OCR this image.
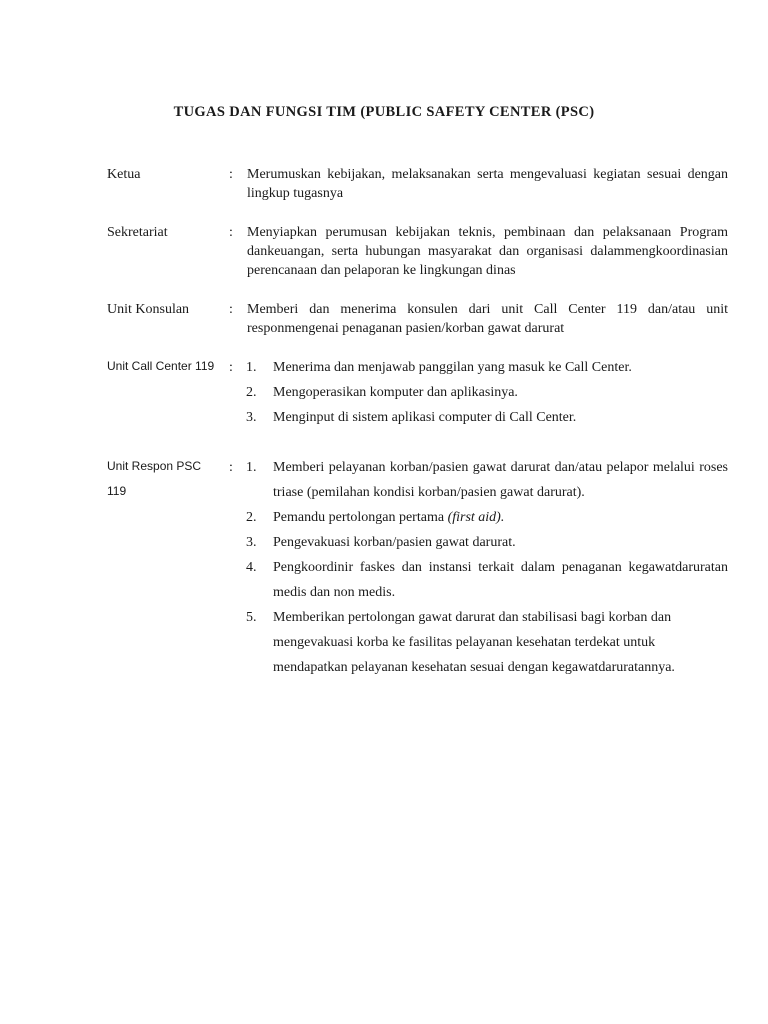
TUGAS DAN FUNGSI TIM (PUBLIC SAFETY CENTER (PSC)
Ketua	: Merumuskan kebijakan, melaksanakan serta mengevaluasi kegiatan sesuai dengan lingkup tugasnya
Sekretariat	: Menyiapkan perumusan kebijakan teknis, pembinaan dan pelaksanaan Program dankeuangan, serta hubungan masyarakat dan organisasi dalammengkoordinasian perencanaan dan pelaporan ke lingkungan dinas
Unit Konsulan	: Memberi dan menerima konsulen dari unit Call Center 119 dan/atau unit responmengenai penaganan pasien/korban gawat darurat
Unit Call Center 119 : 1. Menerima dan menjawab panggilan yang masuk ke Call Center.
2. Mengoperasikan komputer dan aplikasinya.
3. Menginput di sistem aplikasi computer di Call Center.
Unit Respon PSC 119
: 1. Memberi pelayanan korban/pasien gawat darurat dan/atau pelapor melalui roses triase (pemilahan kondisi korban/pasien gawat darurat).
2. Pemandu pertolongan pertama (first aid).
3. Pengevakuasi korban/pasien gawat darurat.
4. Pengkoordinir faskes dan instansi terkait dalam penaganan kegawatdaruratan medis dan non medis.
5. Memberikan pertolongan gawat darurat dan stabilisasi bagi korban dan mengevakuasi korba ke fasilitas pelayanan kesehatan terdekat untuk mendapatkan pelayanan kesehatan sesuai dengan kegawatdaruratannya.
